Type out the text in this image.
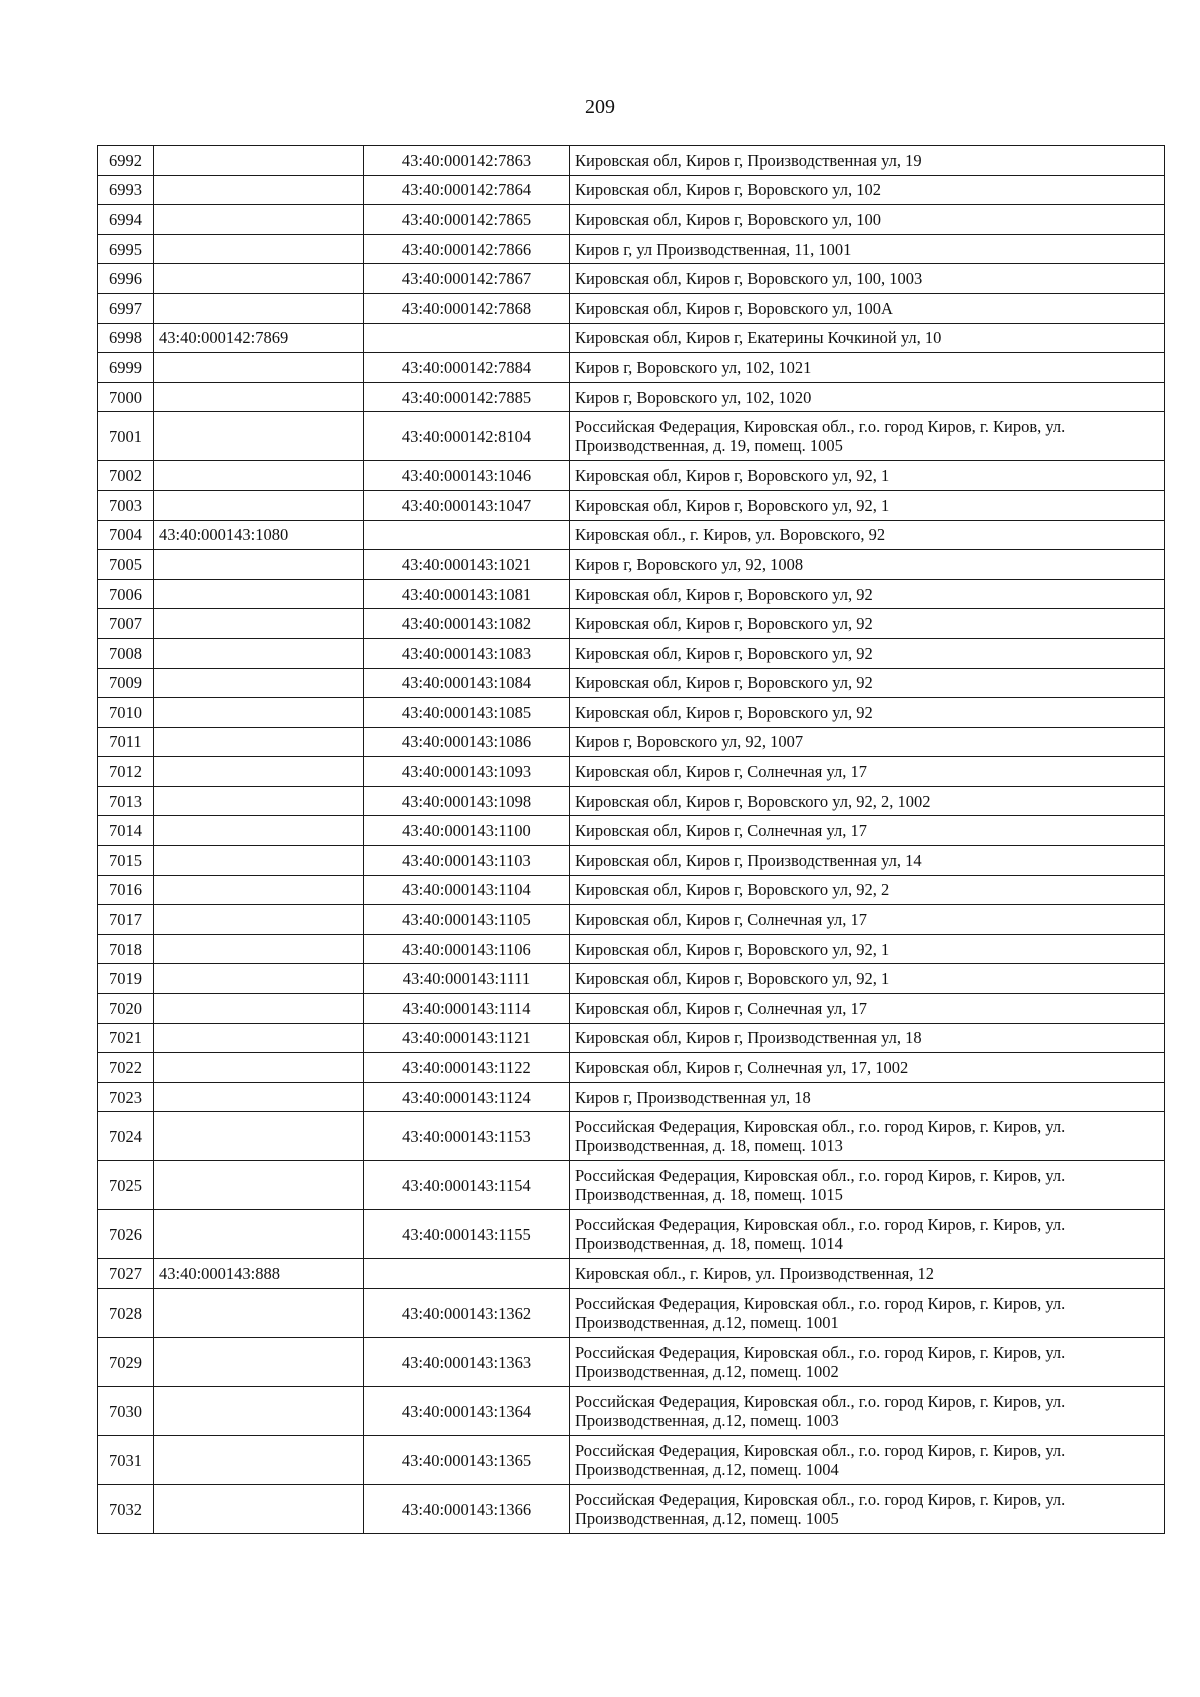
209
6992		43:40:000142:7863	Кировская обл, Киров г, Производственная ул, 19
6993		43:40:000142:7864	Кировская обл, Киров г, Воровского ул, 102
6994		43:40:000142:7865	Кировская обл, Киров г, Воровского ул, 100
6995		43:40:000142:7866	Киров г, ул Производственная, 11, 1001
6996		43:40:000142:7867	Кировская обл, Киров г, Воровского ул, 100, 1003
6997		43:40:000142:7868	Кировская обл, Киров г, Воровского ул, 100А
6998	43:40:000142:7869		Кировская обл, Киров г, Екатерины Кочкиной ул, 10
6999		43:40:000142:7884	Киров г, Воровского ул, 102, 1021
7000		43:40:000142:7885	Киров г, Воровского ул, 102, 1020
7001		43:40:000142:8104	Российская Федерация, Кировская обл., г.о. город Киров, г. Киров, ул. Производственная, д. 19, помещ. 1005
7002		43:40:000143:1046	Кировская обл, Киров г, Воровского ул, 92, 1
7003		43:40:000143:1047	Кировская обл, Киров г, Воровского ул, 92, 1
7004	43:40:000143:1080		Кировская обл., г. Киров, ул. Воровского, 92
7005		43:40:000143:1021	Киров г, Воровского ул, 92, 1008
7006		43:40:000143:1081	Кировская обл, Киров г, Воровского ул, 92
7007		43:40:000143:1082	Кировская обл, Киров г, Воровского ул, 92
7008		43:40:000143:1083	Кировская обл, Киров г, Воровского ул, 92
7009		43:40:000143:1084	Кировская обл, Киров г, Воровского ул, 92
7010		43:40:000143:1085	Кировская обл, Киров г, Воровского ул, 92
7011		43:40:000143:1086	Киров г, Воровского ул, 92, 1007
7012		43:40:000143:1093	Кировская обл, Киров г, Солнечная ул, 17
7013		43:40:000143:1098	Кировская обл, Киров г, Воровского ул, 92, 2, 1002
7014		43:40:000143:1100	Кировская обл, Киров г, Солнечная ул, 17
7015		43:40:000143:1103	Кировская обл, Киров г, Производственная ул, 14
7016		43:40:000143:1104	Кировская обл, Киров г, Воровского ул, 92, 2
7017		43:40:000143:1105	Кировская обл, Киров г, Солнечная ул, 17
7018		43:40:000143:1106	Кировская обл, Киров г, Воровского ул, 92, 1
7019		43:40:000143:1111	Кировская обл, Киров г, Воровского ул, 92, 1
7020		43:40:000143:1114	Кировская обл, Киров г, Солнечная ул, 17
7021		43:40:000143:1121	Кировская обл, Киров г, Производственная ул, 18
7022		43:40:000143:1122	Кировская обл, Киров г, Солнечная ул, 17, 1002
7023		43:40:000143:1124	Киров г, Производственная ул, 18
7024		43:40:000143:1153	Российская Федерация, Кировская обл., г.о. город Киров, г. Киров, ул. Производственная, д. 18, помещ. 1013
7025		43:40:000143:1154	Российская Федерация, Кировская обл., г.о. город Киров, г. Киров, ул. Производственная, д. 18, помещ. 1015
7026		43:40:000143:1155	Российская Федерация, Кировская обл., г.о. город Киров, г. Киров, ул. Производственная, д. 18, помещ. 1014
7027	43:40:000143:888		Кировская обл., г. Киров, ул. Производственная, 12
7028		43:40:000143:1362	Российская Федерация, Кировская обл., г.о. город Киров, г. Киров, ул. Производственная, д.12, помещ. 1001
7029		43:40:000143:1363	Российская Федерация, Кировская обл., г.о. город Киров, г. Киров, ул. Производственная, д.12, помещ. 1002
7030		43:40:000143:1364	Российская Федерация, Кировская обл., г.о. город Киров, г. Киров, ул. Производственная, д.12, помещ. 1003
7031		43:40:000143:1365	Российская Федерация, Кировская обл., г.о. город Киров, г. Киров, ул. Производственная, д.12, помещ. 1004
7032		43:40:000143:1366	Российская Федерация, Кировская обл., г.о. город Киров, г. Киров, ул. Производственная, д.12, помещ. 1005
